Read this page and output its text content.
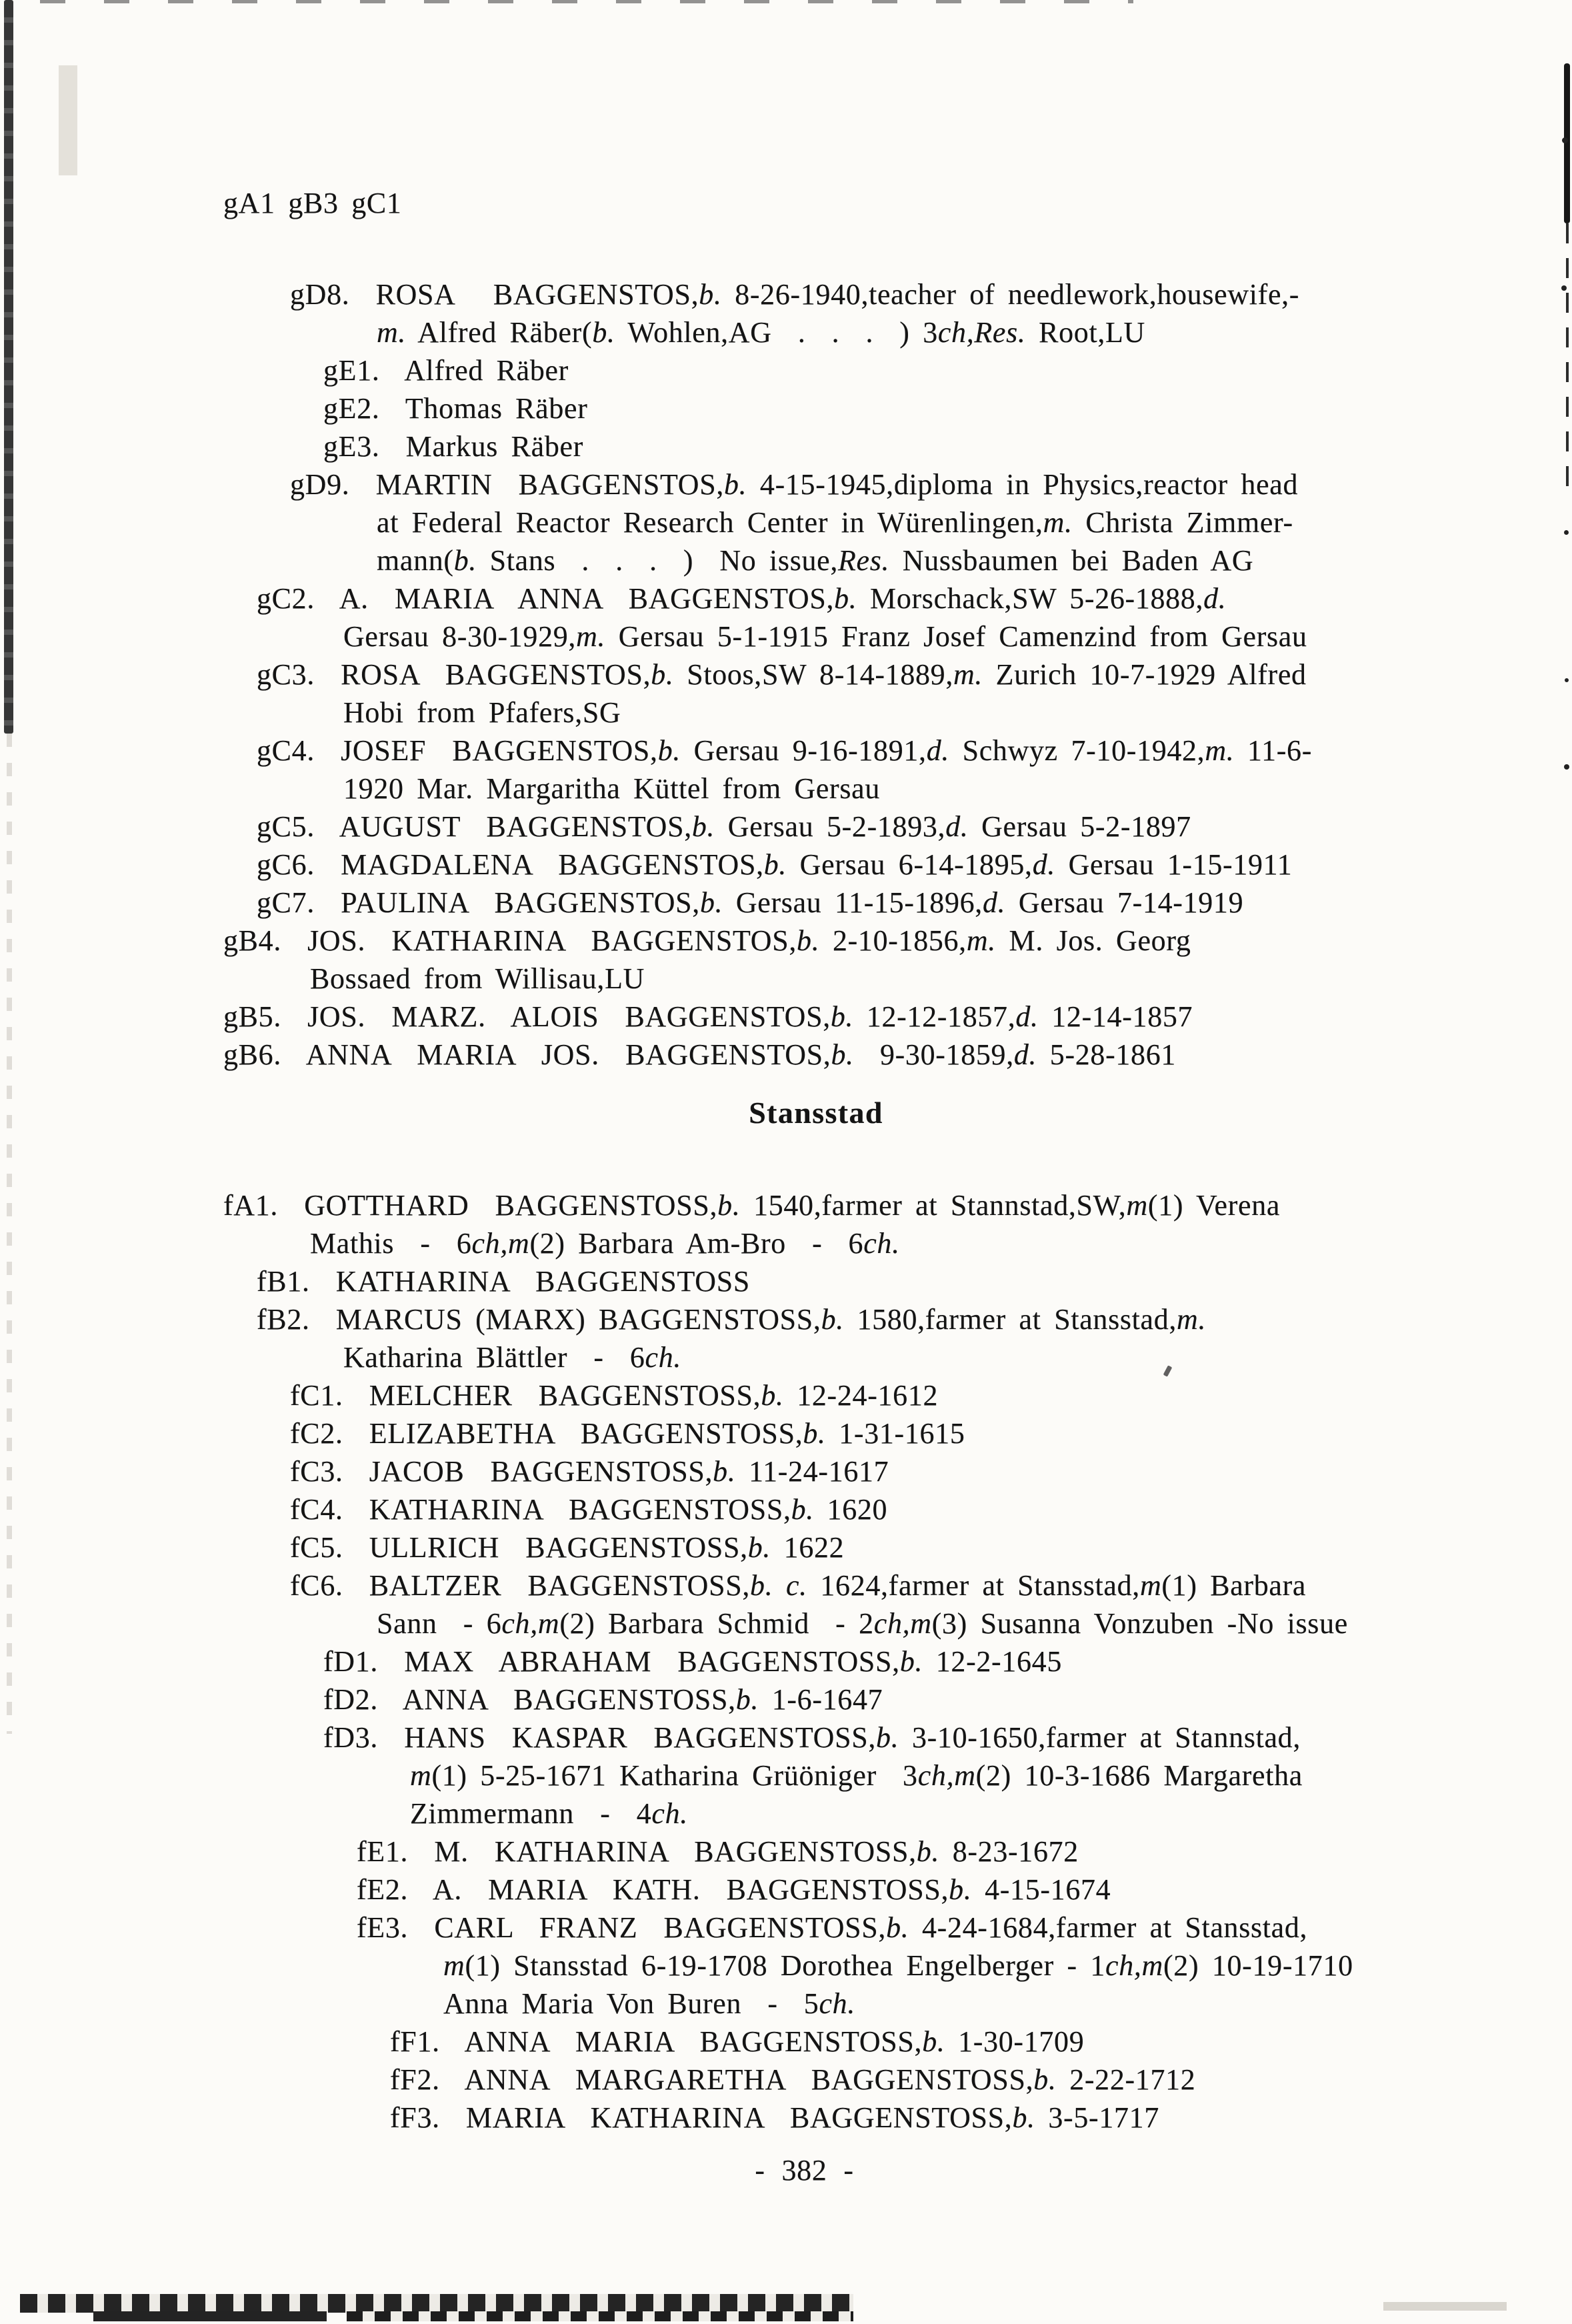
gA1 gB3 gC1
gD8.  ROSA   BAGGENSTOS,b. 8-26-1940,teacher of needlework,housewife,-
m. Alfred Räber(b. Wohlen,AG  .  .  .  ) 3ch,Res. Root,LU
gE1.  Alfred Räber
gE2.  Thomas Räber
gE3.  Markus Räber
gD9.  MARTIN  BAGGENSTOS,b. 4-15-1945,diploma in Physics,reactor head
at Federal Reactor Research Center in Würenlingen,m. Christa Zimmer-
mann(b. Stans  .  .  .  )  No issue,Res. Nussbaumen bei Baden AG
gC2.  A.  MARIA  ANNA  BAGGENSTOS,b. Morschack,SW 5-26-1888,d.
Gersau 8-30-1929,m. Gersau 5-1-1915 Franz Josef Camenzind from Gersau
gC3.  ROSA  BAGGENSTOS,b. Stoos,SW 8-14-1889,m. Zurich 10-7-1929 Alfred
Hobi from Pfafers,SG
gC4.  JOSEF  BAGGENSTOS,b. Gersau 9-16-1891,d. Schwyz 7-10-1942,m. 11-6-
1920 Mar. Margaritha Küttel from Gersau
gC5.  AUGUST  BAGGENSTOS,b. Gersau 5-2-1893,d. Gersau 5-2-1897
gC6.  MAGDALENA  BAGGENSTOS,b. Gersau 6-14-1895,d. Gersau 1-15-1911
gC7.  PAULINA  BAGGENSTOS,b. Gersau 11-15-1896,d. Gersau 7-14-1919
gB4.  JOS.  KATHARINA  BAGGENSTOS,b. 2-10-1856,m. M. Jos. Georg
Bossaed from Willisau,LU
gB5.  JOS.  MARZ.  ALOIS  BAGGENSTOS,b. 12-12-1857,d. 12-14-1857
gB6.  ANNA  MARIA  JOS.  BAGGENSTOS,b.  9-30-1859,d. 5-28-1861
Stansstad
fA1.  GOTTHARD  BAGGENSTOSS,b. 1540,farmer at Stannstad,SW,m(1) Verena
Mathis  -  6ch,m(2) Barbara Am-Bro  -  6ch.
fB1.  KATHARINA  BAGGENSTOSS
fB2.  MARCUS (MARX) BAGGENSTOSS,b. 1580,farmer at Stansstad,m.
Katharina Blättler  -  6ch.
fC1.  MELCHER  BAGGENSTOSS,b. 12-24-1612
fC2.  ELIZABETHA  BAGGENSTOSS,b. 1-31-1615
fC3.  JACOB  BAGGENSTOSS,b. 11-24-1617
fC4.  KATHARINA  BAGGENSTOSS,b. 1620
fC5.  ULLRICH  BAGGENSTOSS,b. 1622
fC6.  BALTZER  BAGGENSTOSS,b. c. 1624,farmer at Stansstad,m(1) Barbara
Sann  - 6ch,m(2) Barbara Schmid  - 2ch,m(3) Susanna Vonzuben -No issue
fD1.  MAX  ABRAHAM  BAGGENSTOSS,b. 12-2-1645
fD2.  ANNA  BAGGENSTOSS,b. 1-6-1647
fD3.  HANS  KASPAR  BAGGENSTOSS,b. 3-10-1650,farmer at Stannstad,
m(1) 5-25-1671 Katharina Grüöniger  3ch,m(2) 10-3-1686 Margaretha
Zimmermann  -  4ch.
fE1.  M.  KATHARINA  BAGGENSTOSS,b. 8-23-1672
fE2.  A.  MARIA  KATH.  BAGGENSTOSS,b. 4-15-1674
fE3.  CARL  FRANZ  BAGGENSTOSS,b. 4-24-1684,farmer at Stansstad,
m(1) Stansstad 6-19-1708 Dorothea Engelberger - 1ch,m(2) 10-19-1710
Anna Maria Von Buren  -  5ch.
fF1.  ANNA  MARIA  BAGGENSTOSS,b. 1-30-1709
fF2.  ANNA  MARGARETHA  BAGGENSTOSS,b. 2-22-1712
fF3.  MARIA  KATHARINA  BAGGENSTOSS,b. 3-5-1717
- 382 -
